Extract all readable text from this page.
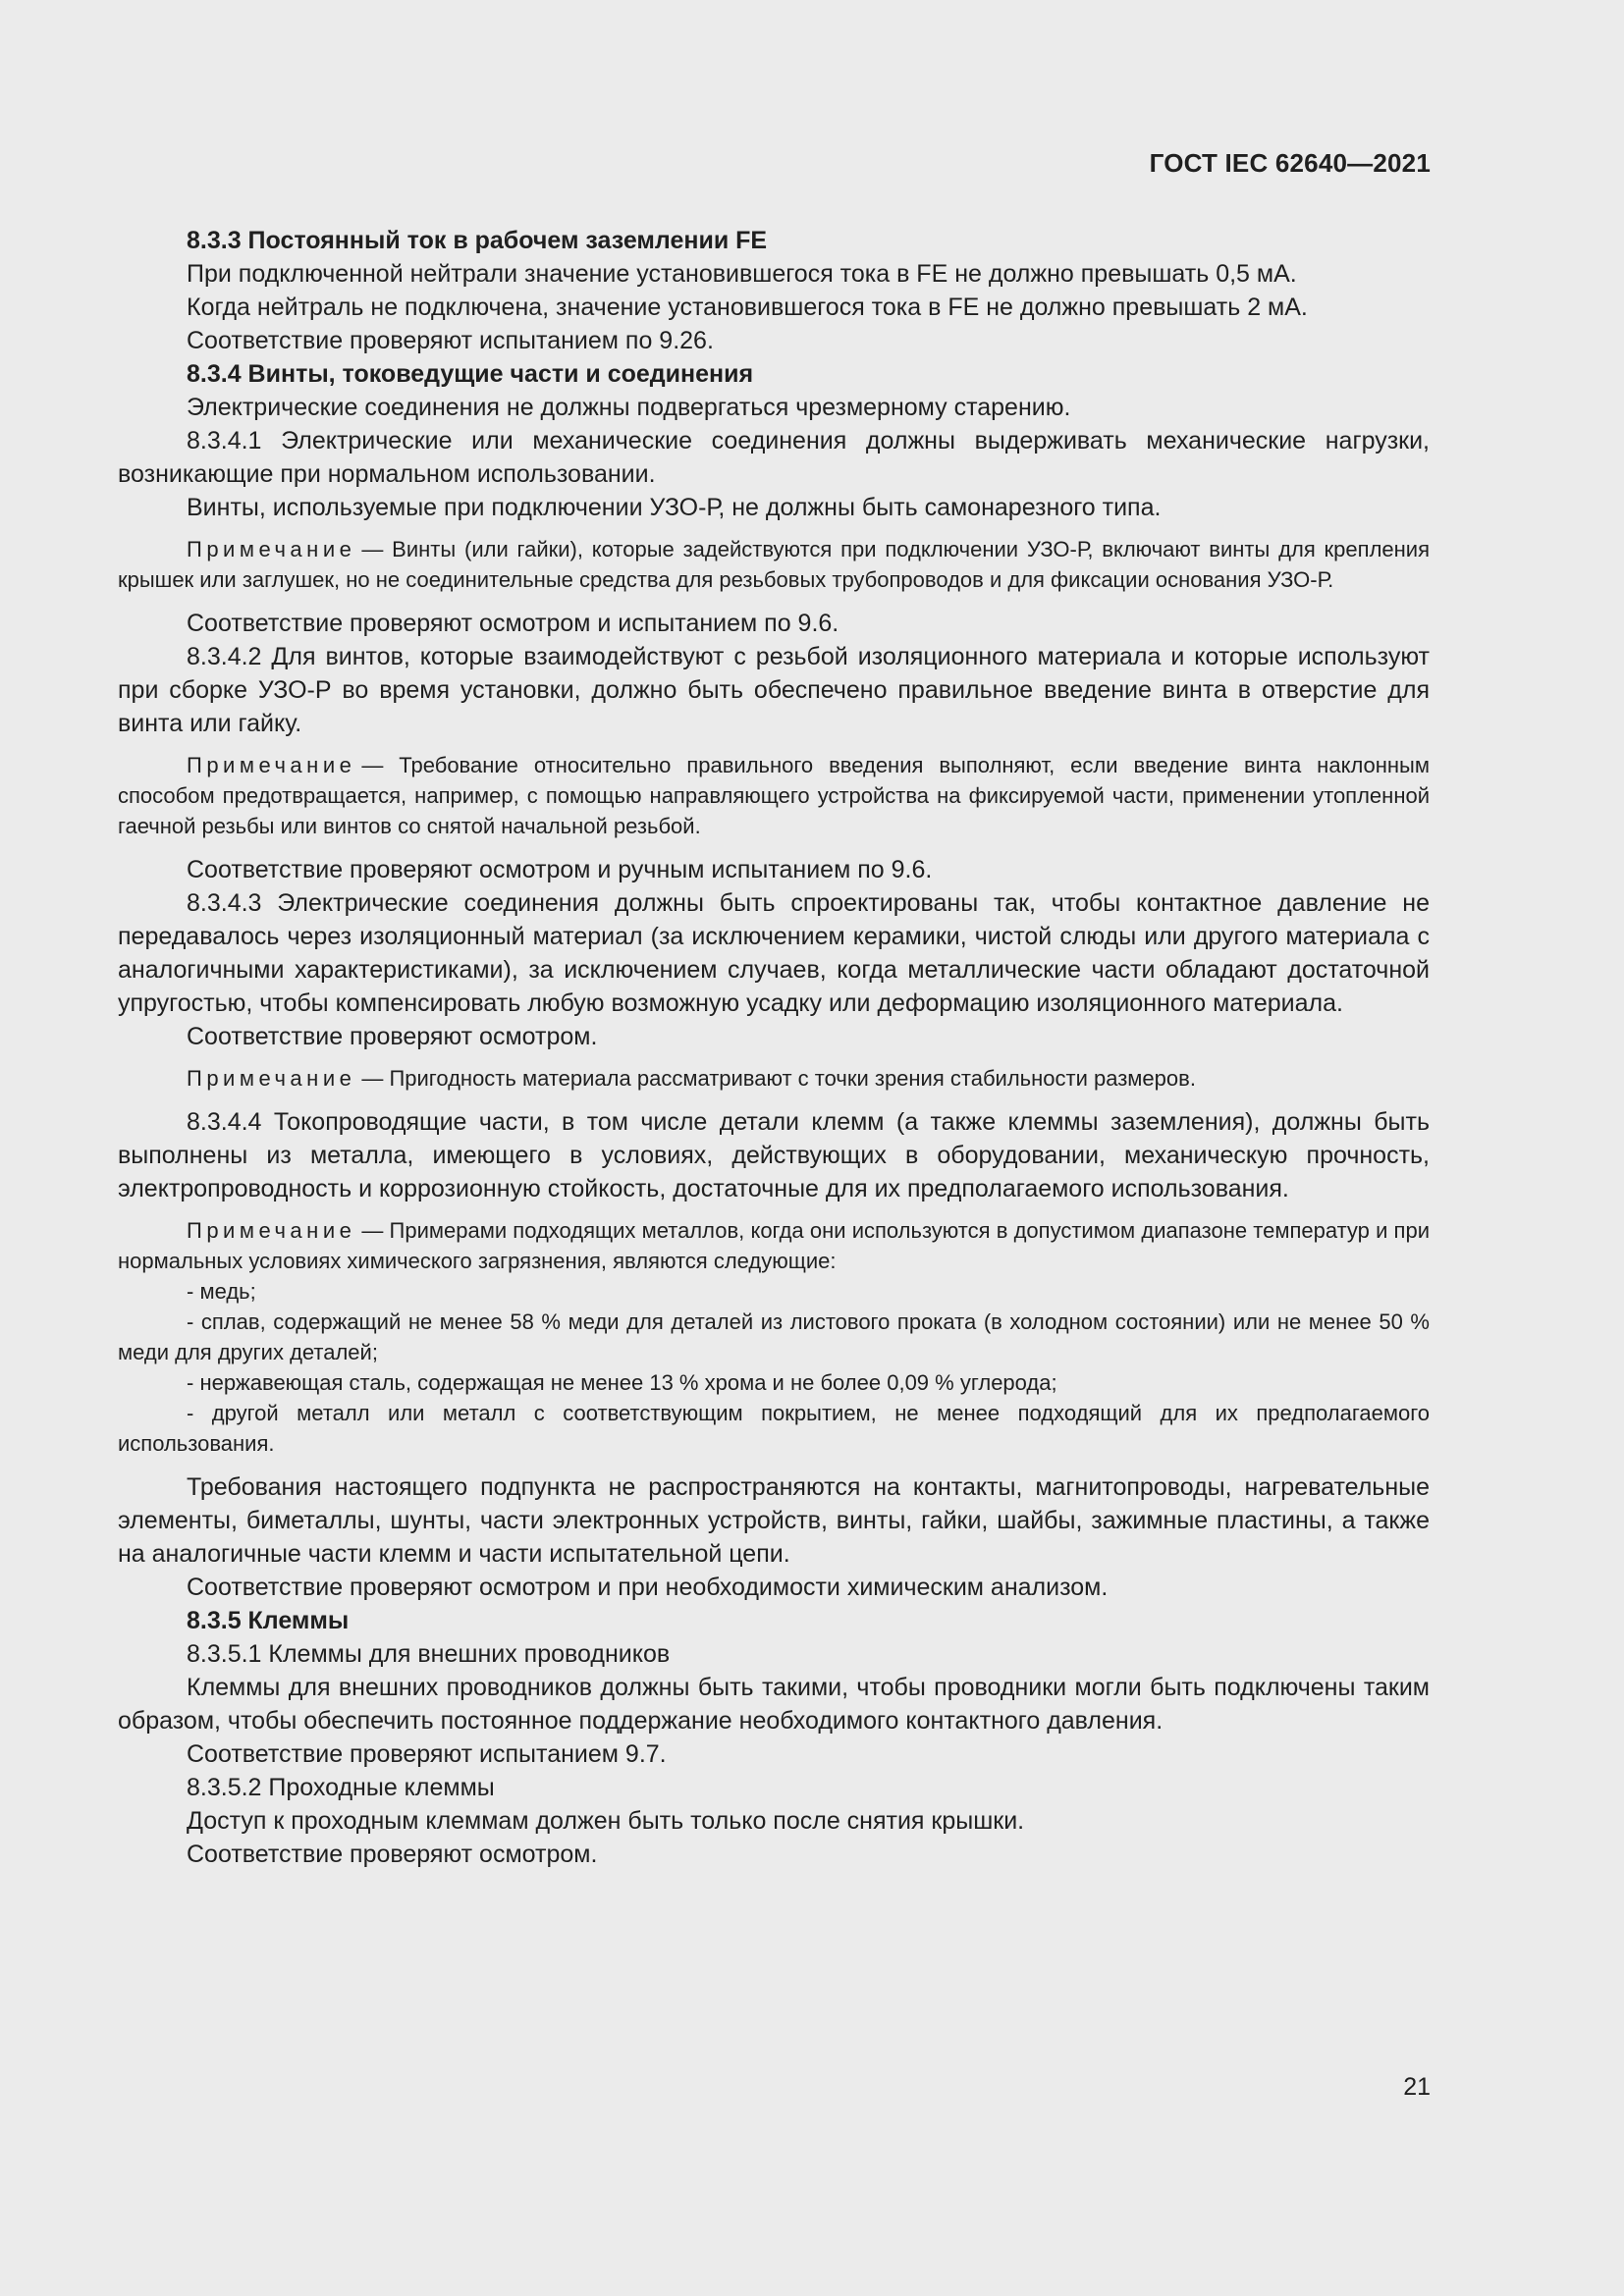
ГОСТ IEC 62640—2021

8.3.3 Постоянный ток в рабочем заземлении FE

При подключенной нейтрали значение установившегося тока в FE не должно превышать 0,5 мА.

Когда нейтраль не подключена, значение установившегося тока в FE не должно превышать 2 мА.

Соответствие проверяют испытанием по 9.26.

8.3.4 Винты, токоведущие части и соединения

Электрические соединения не должны подвергаться чрезмерному старению.

8.3.4.1 Электрические или механические соединения должны выдерживать механические нагрузки, возникающие при нормальном использовании.

Винты, используемые при подключении УЗО-Р, не должны быть самонарезного типа.

Примечание — Винты (или гайки), которые задействуются при подключении УЗО-Р, включают винты для крепления крышек или заглушек, но не соединительные средства для резьбовых трубопроводов и для фиксации основания УЗО-Р.

Соответствие проверяют осмотром и испытанием по 9.6.

8.3.4.2 Для винтов, которые взаимодействуют с резьбой изоляционного материала и которые используют при сборке УЗО-Р во время установки, должно быть обеспечено правильное введение винта в отверстие для винта или гайку.

Примечание — Требование относительно правильного введения выполняют, если введение винта наклонным способом предотвращается, например, с помощью направляющего устройства на фиксируемой части, применении утопленной гаечной резьбы или винтов со снятой начальной резьбой.

Соответствие проверяют осмотром и ручным испытанием по 9.6.

8.3.4.3 Электрические соединения должны быть спроектированы так, чтобы контактное давление не передавалось через изоляционный материал (за исключением керамики, чистой слюды или другого материала с аналогичными характеристиками), за исключением случаев, когда металлические части обладают достаточной упругостью, чтобы компенсировать любую возможную усадку или деформацию изоляционного материала.

Соответствие проверяют осмотром.

Примечание — Пригодность материала рассматривают с точки зрения стабильности размеров.

8.3.4.4 Токопроводящие части, в том числе детали клемм (а также клеммы заземления), должны быть выполнены из металла, имеющего в условиях, действующих в оборудовании, механическую прочность, электропроводность и коррозионную стойкость, достаточные для их предполагаемого использования.

Примечание — Примерами подходящих металлов, когда они используются в допустимом диапазоне температур и при нормальных условиях химического загрязнения, являются следующие:

- медь;

- сплав, содержащий не менее 58 % меди для деталей из листового проката (в холодном состоянии) или не менее 50 % меди для других деталей;

- нержавеющая сталь, содержащая не менее 13 % хрома и не более 0,09 % углерода;

- другой металл или металл с соответствующим покрытием, не менее подходящий для их предполагаемого использования.

Требования настоящего подпункта не распространяются на контакты, магнитопроводы, нагревательные элементы, биметаллы, шунты, части электронных устройств, винты, гайки, шайбы, зажимные пластины, а также на аналогичные части клемм и части испытательной цепи.

Соответствие проверяют осмотром и при необходимости химическим анализом.

8.3.5 Клеммы

8.3.5.1 Клеммы для внешних проводников

Клеммы для внешних проводников должны быть такими, чтобы проводники могли быть подключены таким образом, чтобы обеспечить постоянное поддержание необходимого контактного давления.

Соответствие проверяют испытанием 9.7.

8.3.5.2 Проходные клеммы

Доступ к проходным клеммам должен быть только после снятия крышки.

Соответствие проверяют осмотром.

21
